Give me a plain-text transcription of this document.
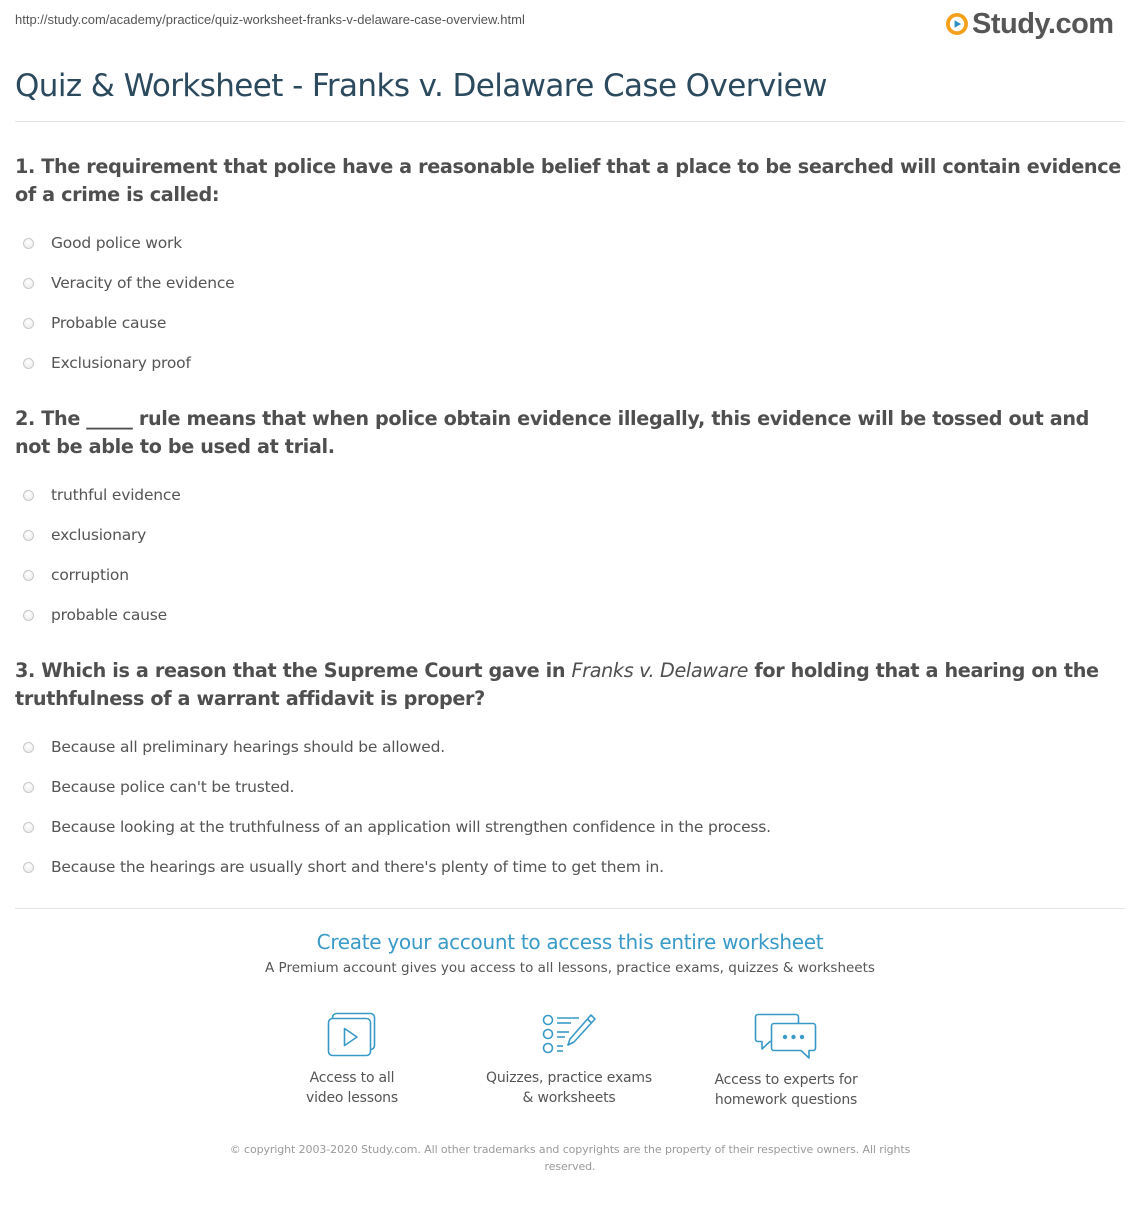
http://study.com/academy/practice/quiz-worksheet-franks-v-delaware-case-overview.html	Study.com
Quiz & Worksheet - Franks v. Delaware Case Overview

1. The requirement that police have a reasonable belief that a place to be searched will contain evidence of a crime is called:

Good police work
Veracity of the evidence
Probable cause
Exclusionary proof

2. The _____ rule means that when police obtain evidence illegally, this evidence will be tossed out and not be able to be used at trial.

truthful evidence
exclusionary
corruption
probable cause

3. Which is a reason that the Supreme Court gave in Franks v. Delaware for holding that a hearing on the truthfulness of a warrant affidavit is proper?

Because all preliminary hearings should be allowed.
Because police can't be trusted.
Because looking at the truthfulness of an application will strengthen confidence in the process.
Because the hearings are usually short and there's plenty of time to get them in.
Create your account to access this entire worksheet

A Premium account gives you access to all lessons, practice exams, quizzes & worksheets

Access to all
video lessons
Quizzes, practice exams
& worksheets
Access to experts for
homework questions
© copyright 2003-2020 Study.com. All other trademarks and copyrights are the property of their respective owners. All rights reserved.
